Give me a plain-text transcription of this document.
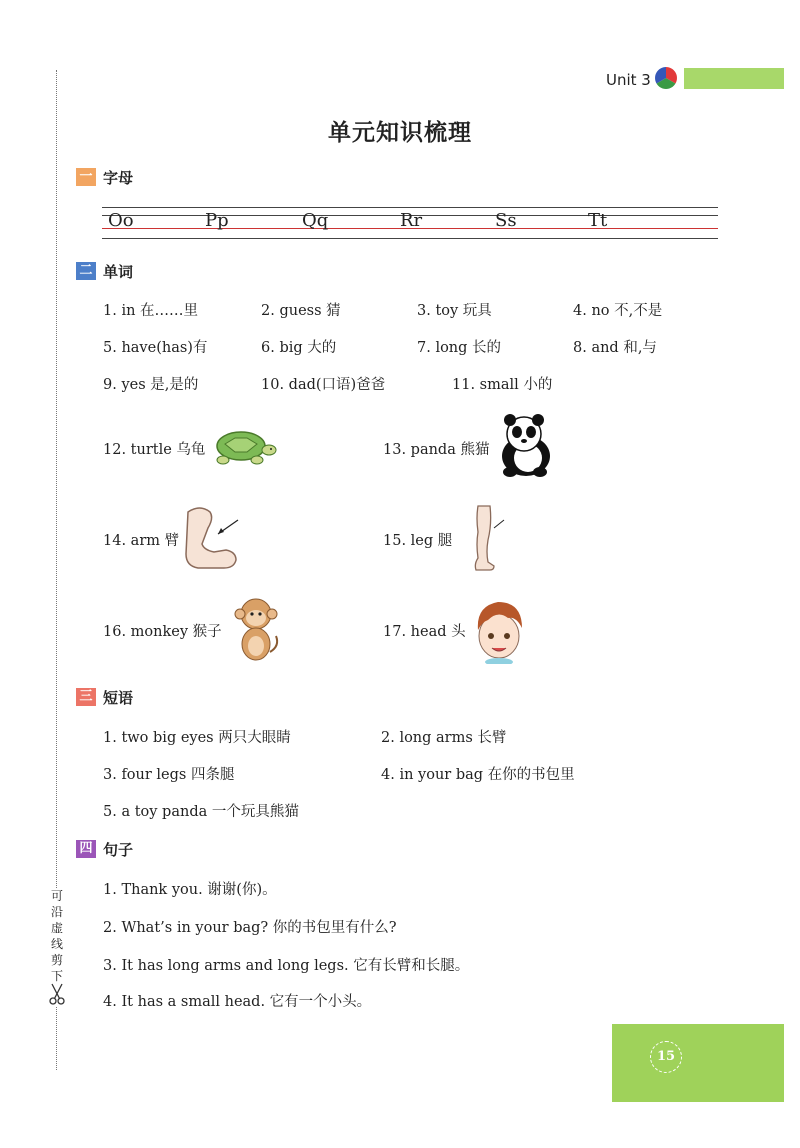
可
沿
虚
线
剪
下
Unit 3
单元知识梳理
一 字母
Oo	Pp	Qq	Rr	Ss	Tt
二 单词
1. in 在……里	2. guess 猜	3. toy 玩具	4. no 不,不是
5. have(has)有	6. big 大的	7. long 长的	8. and 和,与
9. yes 是,是的	10. dad(口语)爸爸	11. small 小的
12. turtle 乌龟	13. panda 熊猫
14. arm 臂	15. leg 腿
16. monkey 猴子	17. head 头
三 短语
1. two big eyes 两只大眼睛	2. long arms 长臂
3. four legs 四条腿	4. in your bag 在你的书包里
5. a toy panda 一个玩具熊猫
四 句子
1. Thank you. 谢谢(你)。
2. What’s in your bag? 你的书包里有什么?
3. It has long arms and long legs. 它有长臂和长腿。
4. It has a small head. 它有一个小头。
15
